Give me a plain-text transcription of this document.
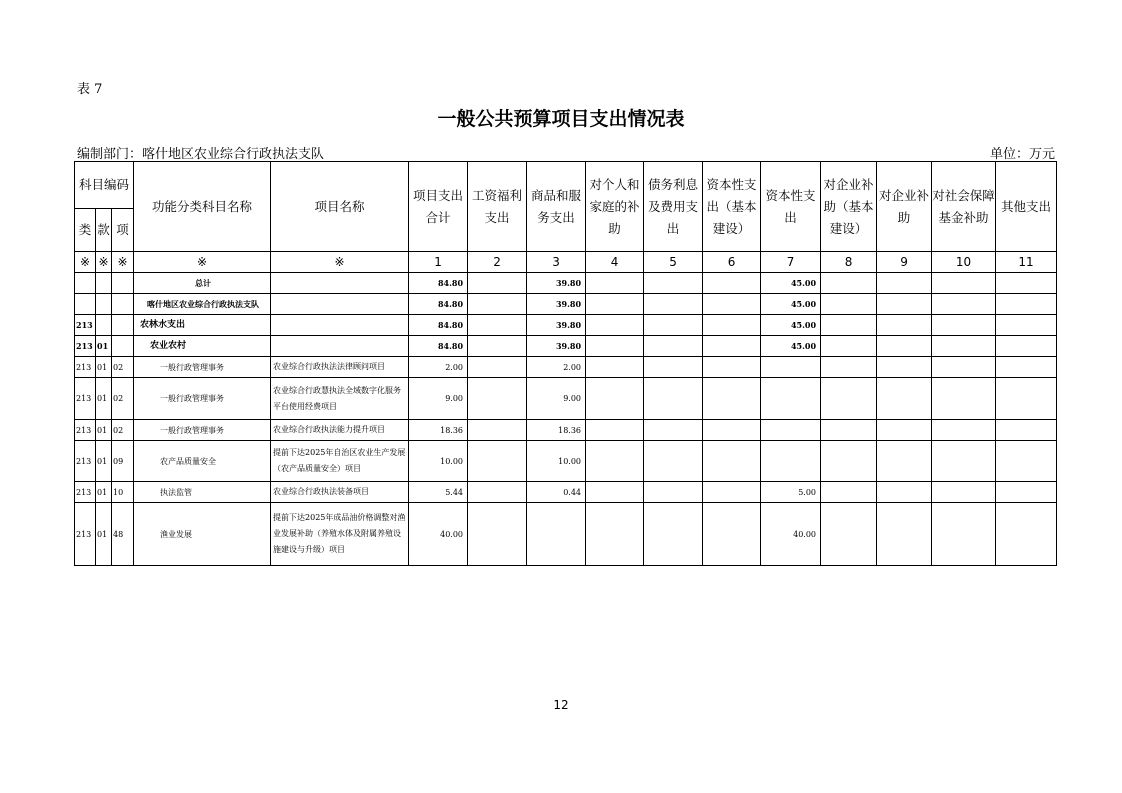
表 7
一般公共预算项目支出情况表
编制部门：喀什地区农业综合行政执法支队	单位：万元
科目编码			功能分类科目名称	项目名称	项目支出合计	工资福利支出	商品和服务支出	对个人和家庭的补助	债务利息及费用支出	资本性支出（基本建设）	资本性支出	对企业补助（基本建设）	对企业补助	对社会保障基金补助	其他支出
类	款	项													
※	※	※	※	※	1	2	3	4	5	6	7	8	9	10	11
			总计		84.80		39.80				45.00				
			喀什地区农业综合行政执法支队		84.80		39.80				45.00				
213			农林水支出		84.80		39.80				45.00				
213	01		农业农村		84.80		39.80				45.00				
213	01	02	一般行政管理事务	农业综合行政执法法律顾问项目	2.00		2.00								
213	01	02	一般行政管理事务	农业综合行政慧执法全域数字化服务平台使用经费项目	9.00		9.00								
213	01	02	一般行政管理事务	农业综合行政执法能力提升项目	18.36		18.36								
213	01	09	农产品质量安全	提前下达2025年自治区农业生产发展（农产品质量安全）项目	10.00		10.00								
213	01	10	执法监管	农业综合行政执法装备项目	5.44		0.44				5.00				
213	01	48	渔业发展	提前下达2025年成品油价格调整对渔业发展补助（养殖水体及附属养殖设施建设与升级）项目	40.00						40.00				
12
